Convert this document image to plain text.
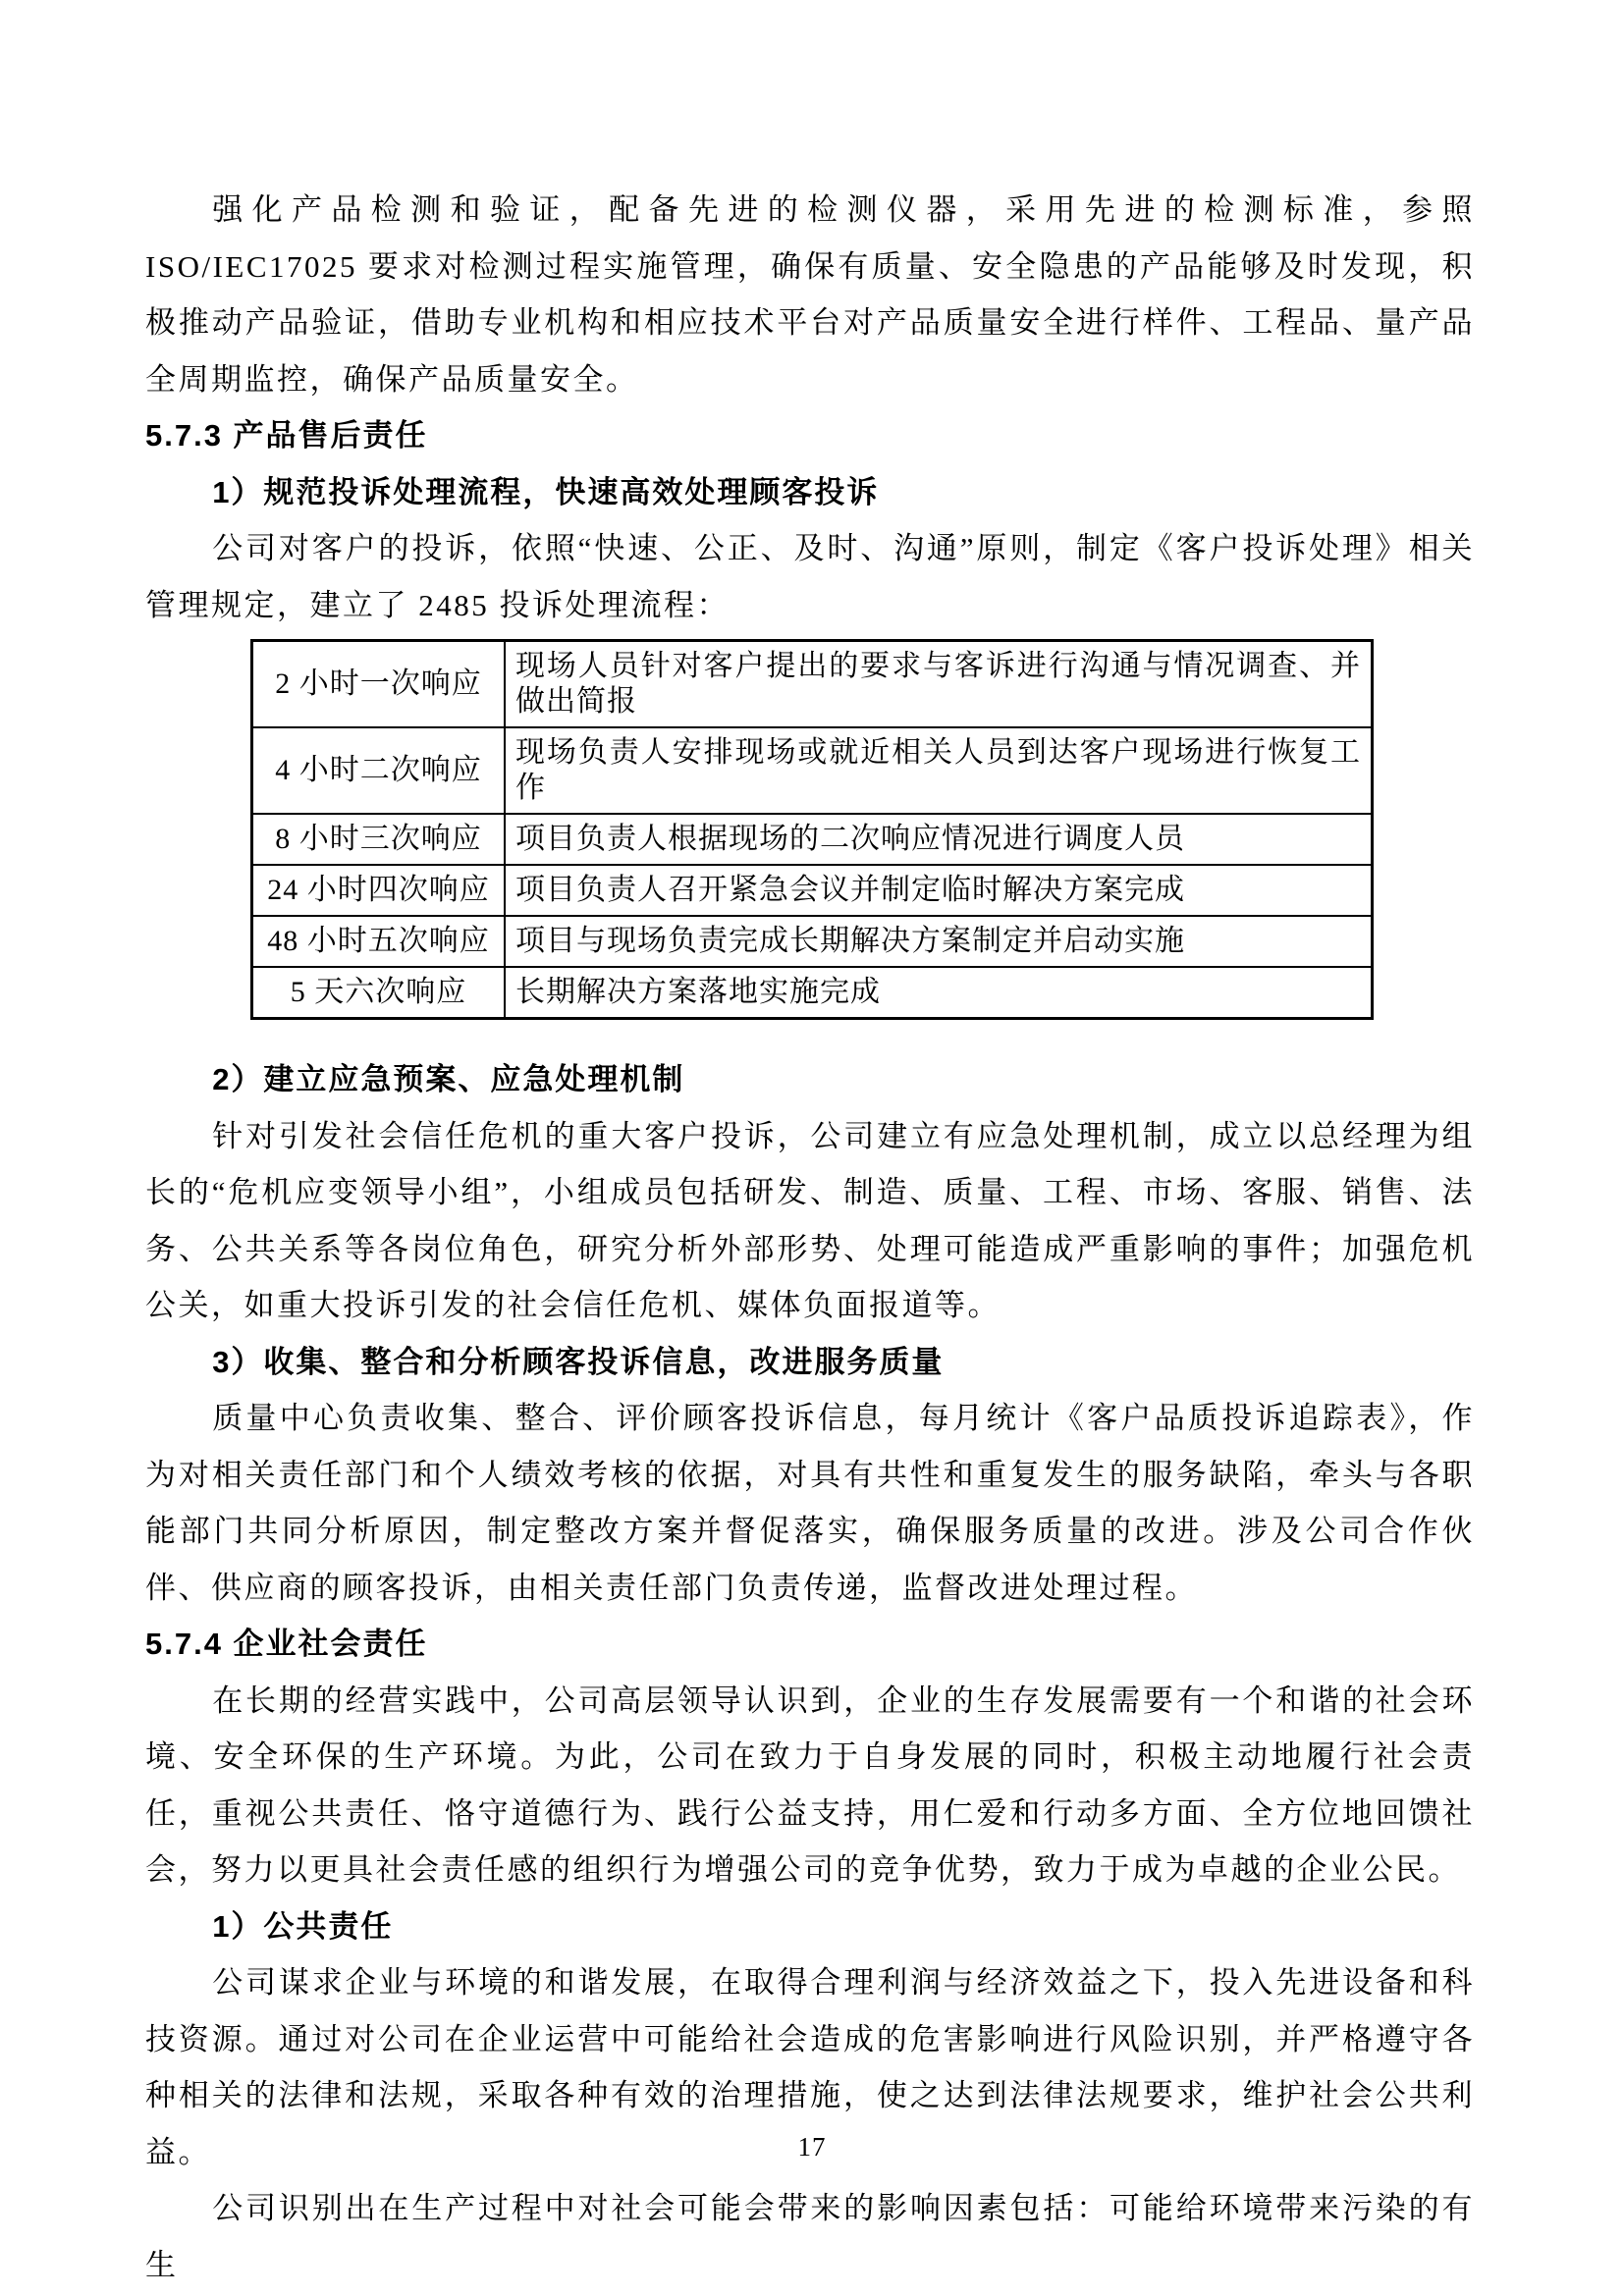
强化产品检测和验证，配备先进的检测仪器，采用先进的检测标准，参照 ISO/IEC17025 要求对检测过程实施管理，确保有质量、安全隐患的产品能够及时发现，积极推动产品验证，借助专业机构和相应技术平台对产品质量安全进行样件、工程品、量产品全周期监控，确保产品质量安全。

5.7.3 产品售后责任
1）规范投诉处理流程，快速高效处理顾客投诉

公司对客户的投诉，依照“快速、公正、及时、沟通”原则，制定《客户投诉处理》相关管理规定，建立了 2485 投诉处理流程：

2 小时一次响应	现场人员针对客户提出的要求与客诉进行沟通与情况调查、并做出简报
4 小时二次响应	现场负责人安排现场或就近相关人员到达客户现场进行恢复工作
8 小时三次响应	项目负责人根据现场的二次响应情况进行调度人员
24 小时四次响应	项目负责人召开紧急会议并制定临时解决方案完成
48 小时五次响应	项目与现场负责完成长期解决方案制定并启动实施
5 天六次响应	长期解决方案落地实施完成
2）建立应急预案、应急处理机制

针对引发社会信任危机的重大客户投诉，公司建立有应急处理机制，成立以总经理为组长的“危机应变领导小组”，小组成员包括研发、制造、质量、工程、市场、客服、销售、法务、公共关系等各岗位角色，研究分析外部形势、处理可能造成严重影响的事件；加强危机公关，如重大投诉引发的社会信任危机、媒体负面报道等。

3）收集、整合和分析顾客投诉信息，改进服务质量

质量中心负责收集、整合、评价顾客投诉信息，每月统计《客户品质投诉追踪表》，作为对相关责任部门和个人绩效考核的依据，对具有共性和重复发生的服务缺陷，牵头与各职能部门共同分析原因，制定整改方案并督促落实，确保服务质量的改进。涉及公司合作伙伴、供应商的顾客投诉，由相关责任部门负责传递，监督改进处理过程。

5.7.4 企业社会责任

在长期的经营实践中，公司高层领导认识到，企业的生存发展需要有一个和谐的社会环境、安全环保的生产环境。为此，公司在致力于自身发展的同时，积极主动地履行社会责任，重视公共责任、恪守道德行为、践行公益支持，用仁爱和行动多方面、全方位地回馈社会，努力以更具社会责任感的组织行为增强公司的竞争优势，致力于成为卓越的企业公民。

1）公共责任

公司谋求企业与环境的和谐发展，在取得合理利润与经济效益之下，投入先进设备和科技资源。通过对公司在企业运营中可能给社会造成的危害影响进行风险识别，并严格遵守各种相关的法律和法规，采取各种有效的治理措施，使之达到法律法规要求，维护社会公共利益。

公司识别出在生产过程中对社会可能会带来的影响因素包括：可能给环境带来污染的有生

17
